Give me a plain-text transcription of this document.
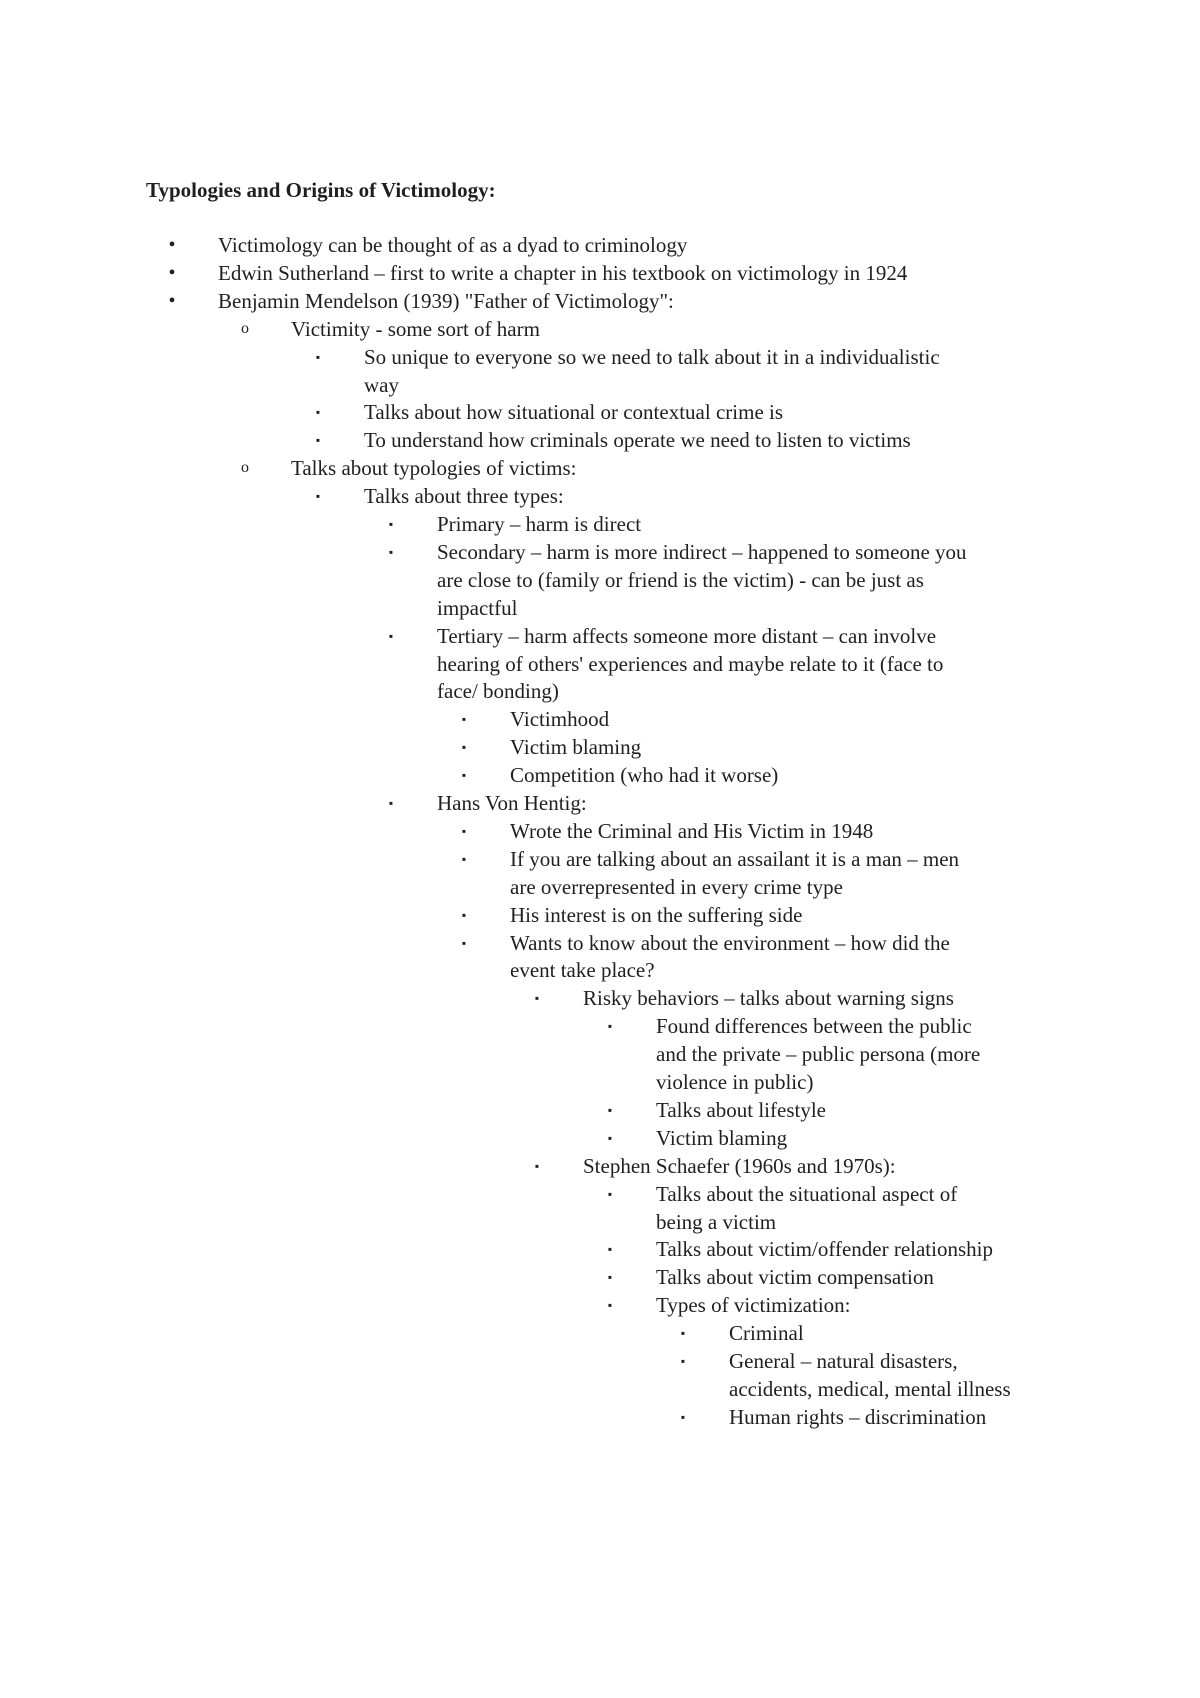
Typologies and Origins of Victimology:
•	Victimology can be thought of as a dyad to criminology
•	Edwin Sutherland – first to write a chapter in his textbook on victimology in 1924
•	Benjamin Mendelson (1939) "Father of Victimology":
o Victimity - some sort of harm
▪	So unique to everyone so we need to talk about it in a individualistic
way
▪	Talks about how situational or contextual crime is
▪	To understand how criminals operate we need to listen to victims
o Talks about typologies of victims:
▪	Talks about three types:
▪	Primary – harm is direct
▪	Secondary – harm is more indirect – happened to someone you
are close to (family or friend is the victim) - can be just as
impactful
▪	Tertiary – harm affects someone more distant – can involve
hearing of others' experiences and maybe relate to it (face to
face/ bonding)
▪	Victimhood
▪	Victim blaming
▪	Competition (who had it worse)
▪	Hans Von Hentig:
▪	Wrote the Criminal and His Victim in 1948
▪	If you are talking about an assailant it is a man – men
are overrepresented in every crime type
▪	His interest is on the suffering side
▪	Wants to know about the environment – how did the
event take place?
▪	Risky behaviors – talks about warning signs
▪	Found differences between the public
and the private – public persona (more
violence in public)
▪	Talks about lifestyle
▪	Victim blaming
▪	Stephen Schaefer (1960s and 1970s):
▪	Talks about the situational aspect of
being a victim
▪	Talks about victim/offender relationship
▪	Talks about victim compensation
▪	Types of victimization:
▪	Criminal
▪	General – natural disasters,
accidents, medical, mental illness
▪	Human rights – discrimination
